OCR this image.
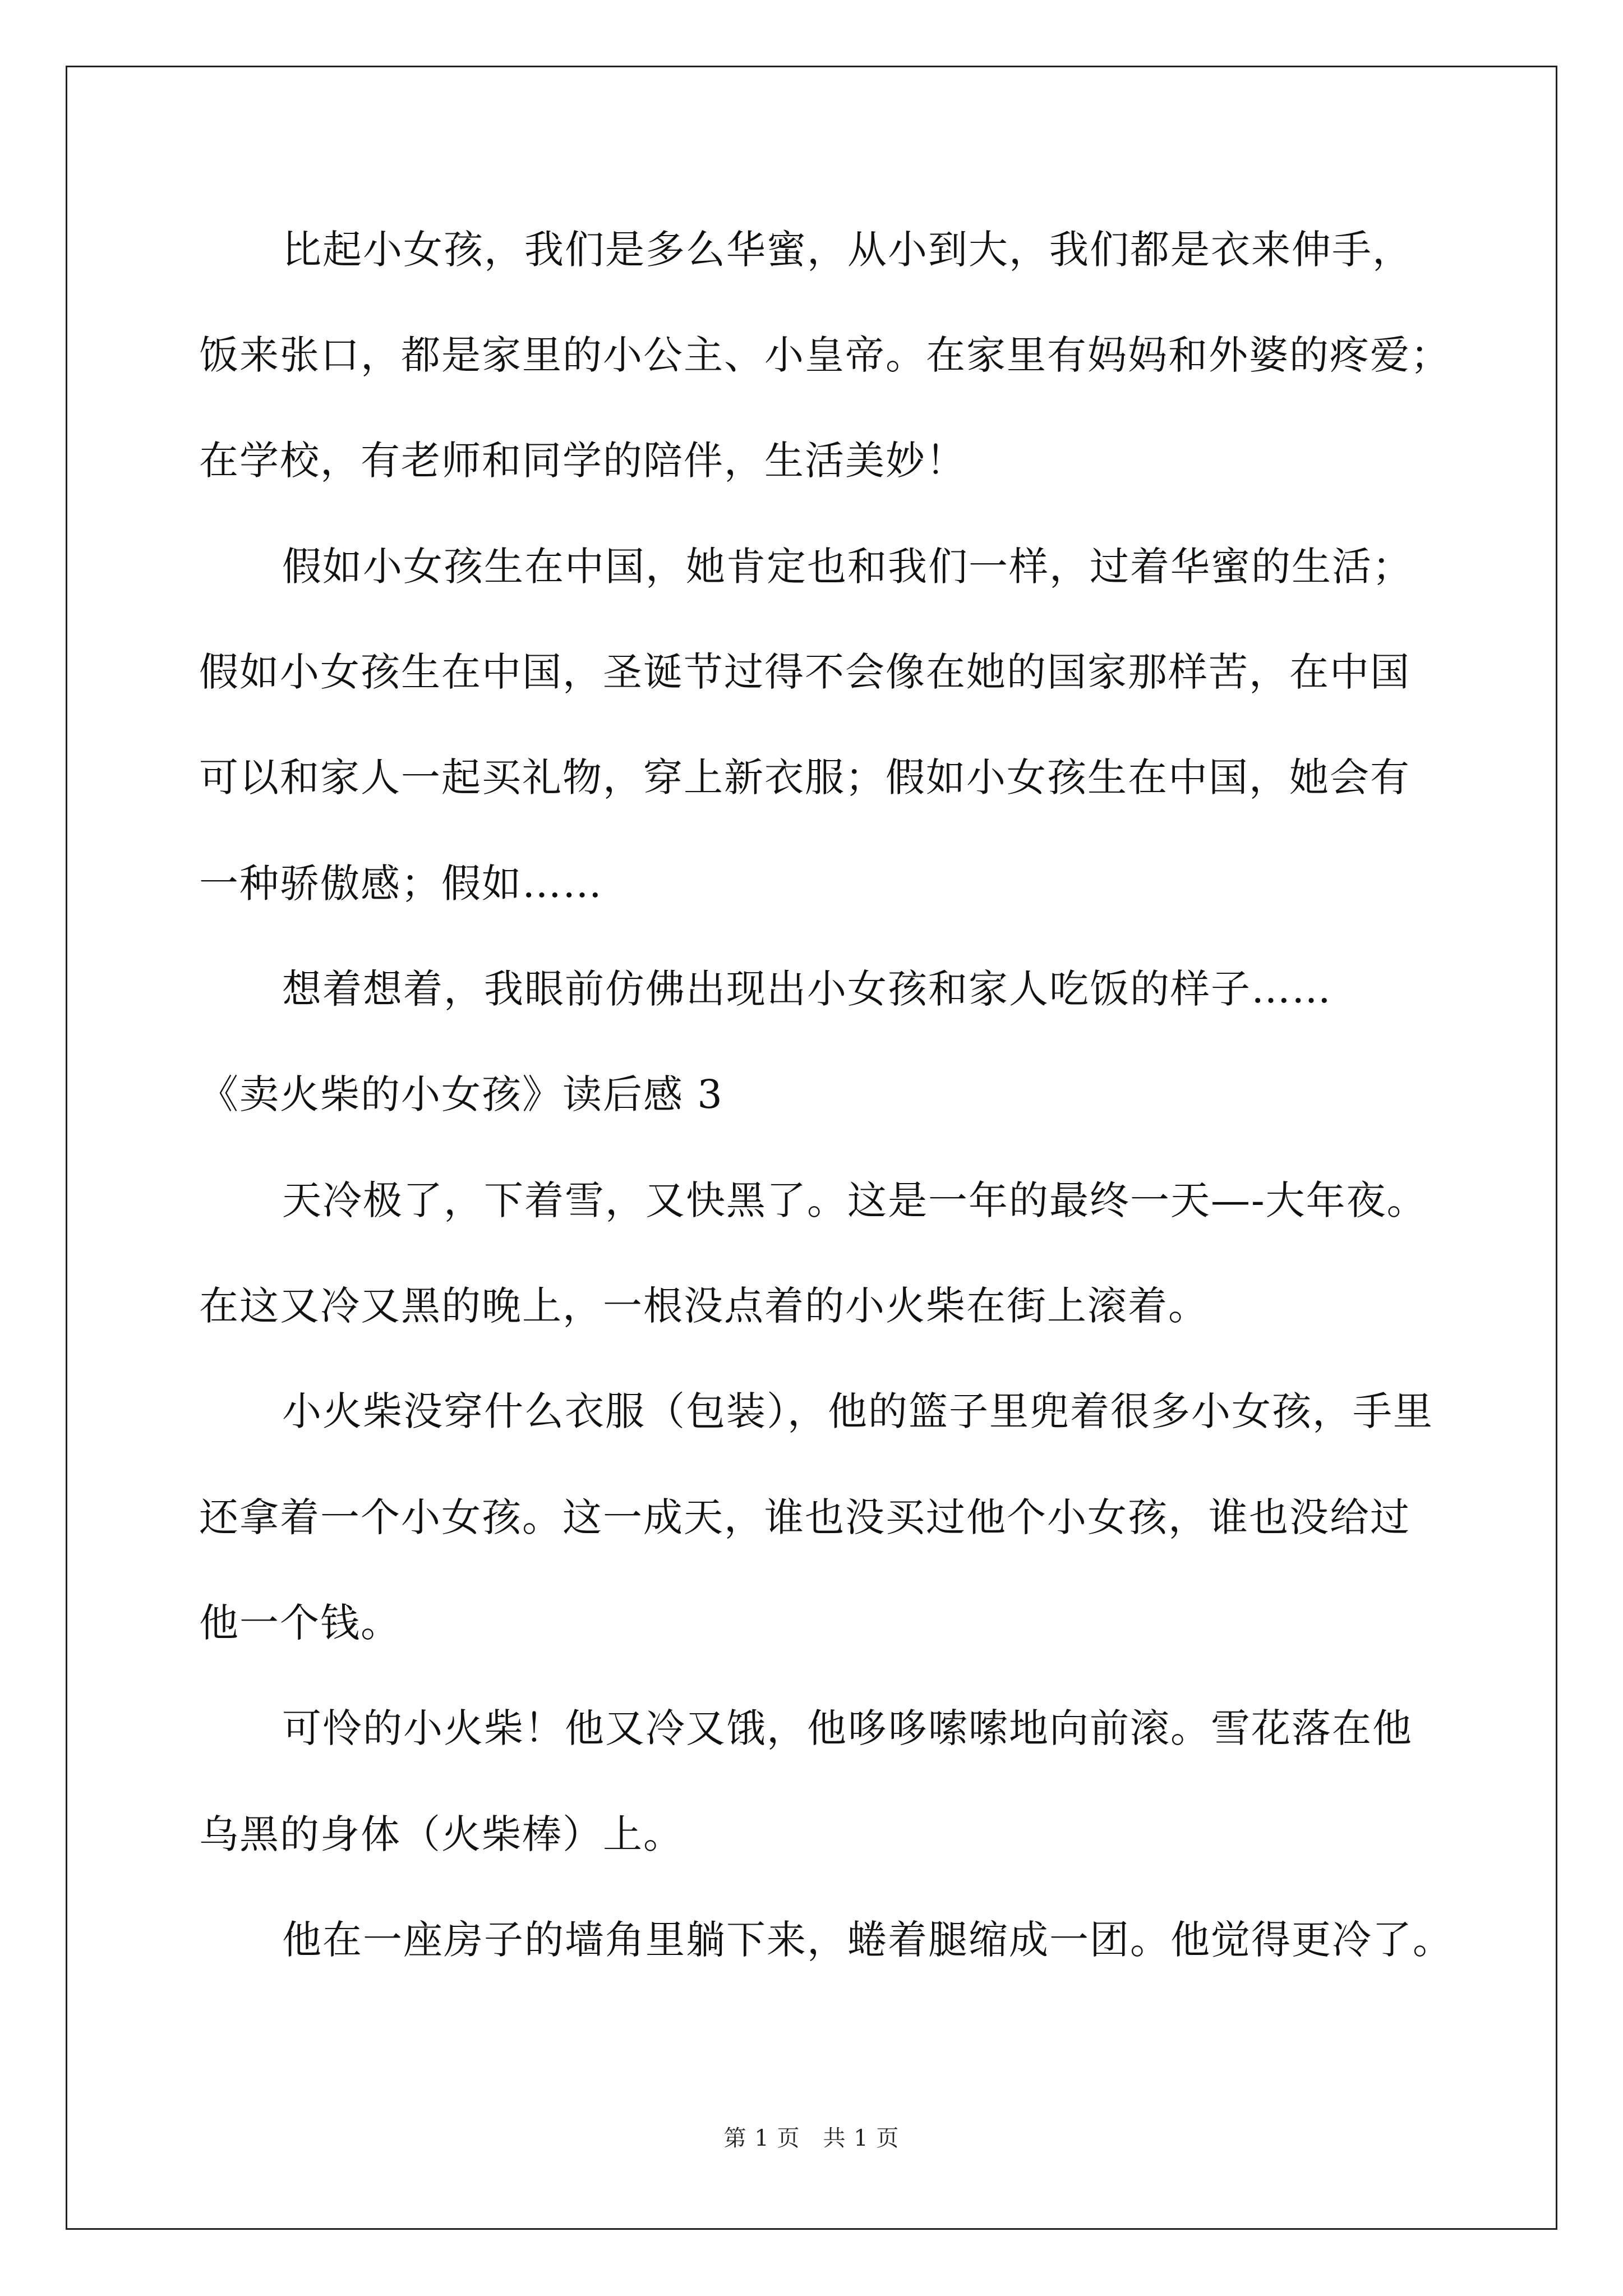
比起小女孩，我们是多么华蜜，从小到大，我们都是衣来伸手，
饭来张口，都是家里的小公主、小皇帝。在家里有妈妈和外婆的疼爱；
在学校，有老师和同学的陪伴，生活美妙！
假如小女孩生在中国，她肯定也和我们一样，过着华蜜的生活；
假如小女孩生在中国，圣诞节过得不会像在她的国家那样苦，在中国
可以和家人一起买礼物，穿上新衣服；假如小女孩生在中国，她会有
一种骄傲感；假如……
想着想着，我眼前仿佛出现出小女孩和家人吃饭的样子……
《卖火柴的小女孩》读后感 3
天冷极了，下着雪，又快黑了。这是一年的最终一天—-大年夜。
在这又冷又黑的晚上，一根没点着的小火柴在街上滚着。
小火柴没穿什么衣服（包装），他的篮子里兜着很多小女孩，手里
还拿着一个小女孩。这一成天，谁也没买过他个小女孩，谁也没给过
他一个钱。
可怜的小火柴！他又冷又饿，他哆哆嗦嗦地向前滚。雪花落在他
乌黑的身体（火柴棒）上。
他在一座房子的墙角里躺下来，蜷着腿缩成一团。他觉得更冷了。
第 1 页　共 1 页
